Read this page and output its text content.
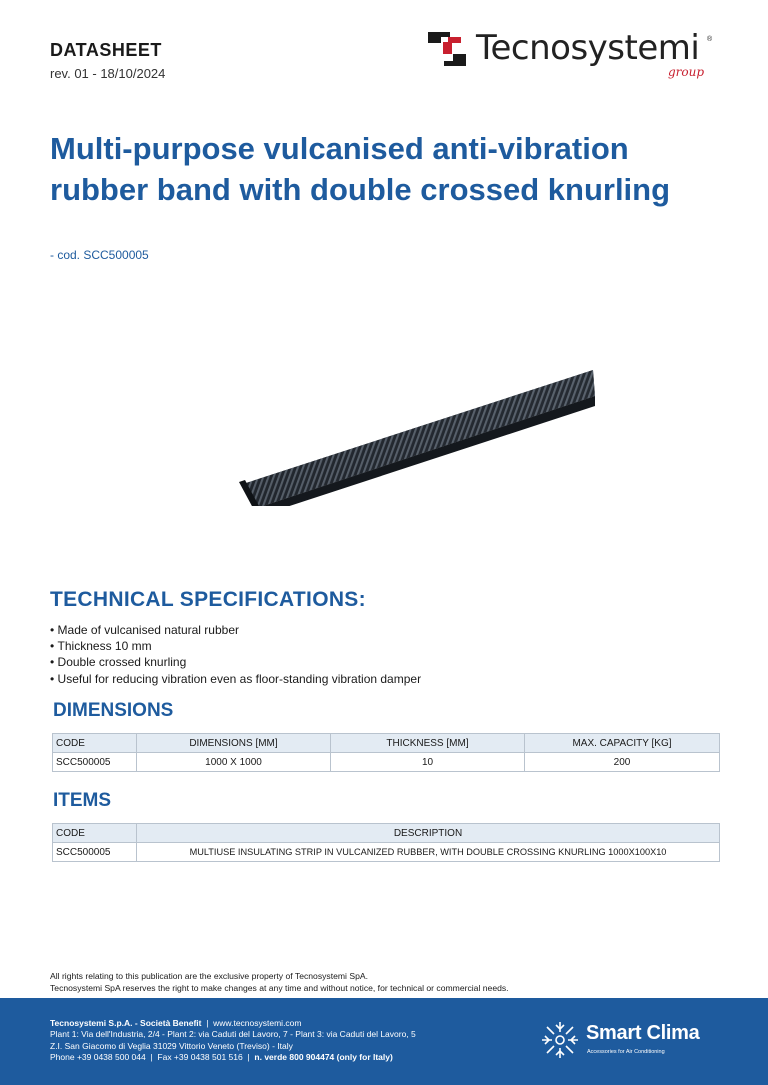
DATASHEET
rev. 01 - 18/10/2024
Tecnosystemi ®
group
Multi-purpose vulcanised anti-vibration rubber band with double crossed knurling
- cod. SCC500005
TECHNICAL SPECIFICATIONS:
• Made of vulcanised natural rubber
• Thickness 10 mm
• Double crossed knurling
• Useful for reducing vibration even as floor-standing vibration damper
DIMENSIONS
CODE	DIMENSIONS [MM]	THICKNESS [MM]	MAX. CAPACITY [KG]
SCC500005	1000 X 1000	10	200
ITEMS
CODE	DESCRIPTION
SCC500005	MULTIUSE INSULATING STRIP IN VULCANIZED RUBBER, WITH DOUBLE CROSSING KNURLING 1000X100X10
All rights relating to this publication are the exclusive property of Tecnosystemi SpA.
Tecnosystemi SpA reserves the right to make changes at any time and without notice, for technical or commercial needs.
Tecnosystemi S.p.A. - Società Benefit  |  www.tecnosystemi.com
Plant 1: Via dell'Industria, 2/4 - Plant 2: via Caduti del Lavoro, 7 - Plant 3: via Caduti del Lavoro, 5
Z.I. San Giacomo di Veglia 31029 Vittorio Veneto (Treviso) - Italy
Phone +39 0438 500 044  |  Fax +39 0438 501 516  |  n. verde 800 904474 (only for Italy)
Smart Clima
Accessories for Air Conditioning
